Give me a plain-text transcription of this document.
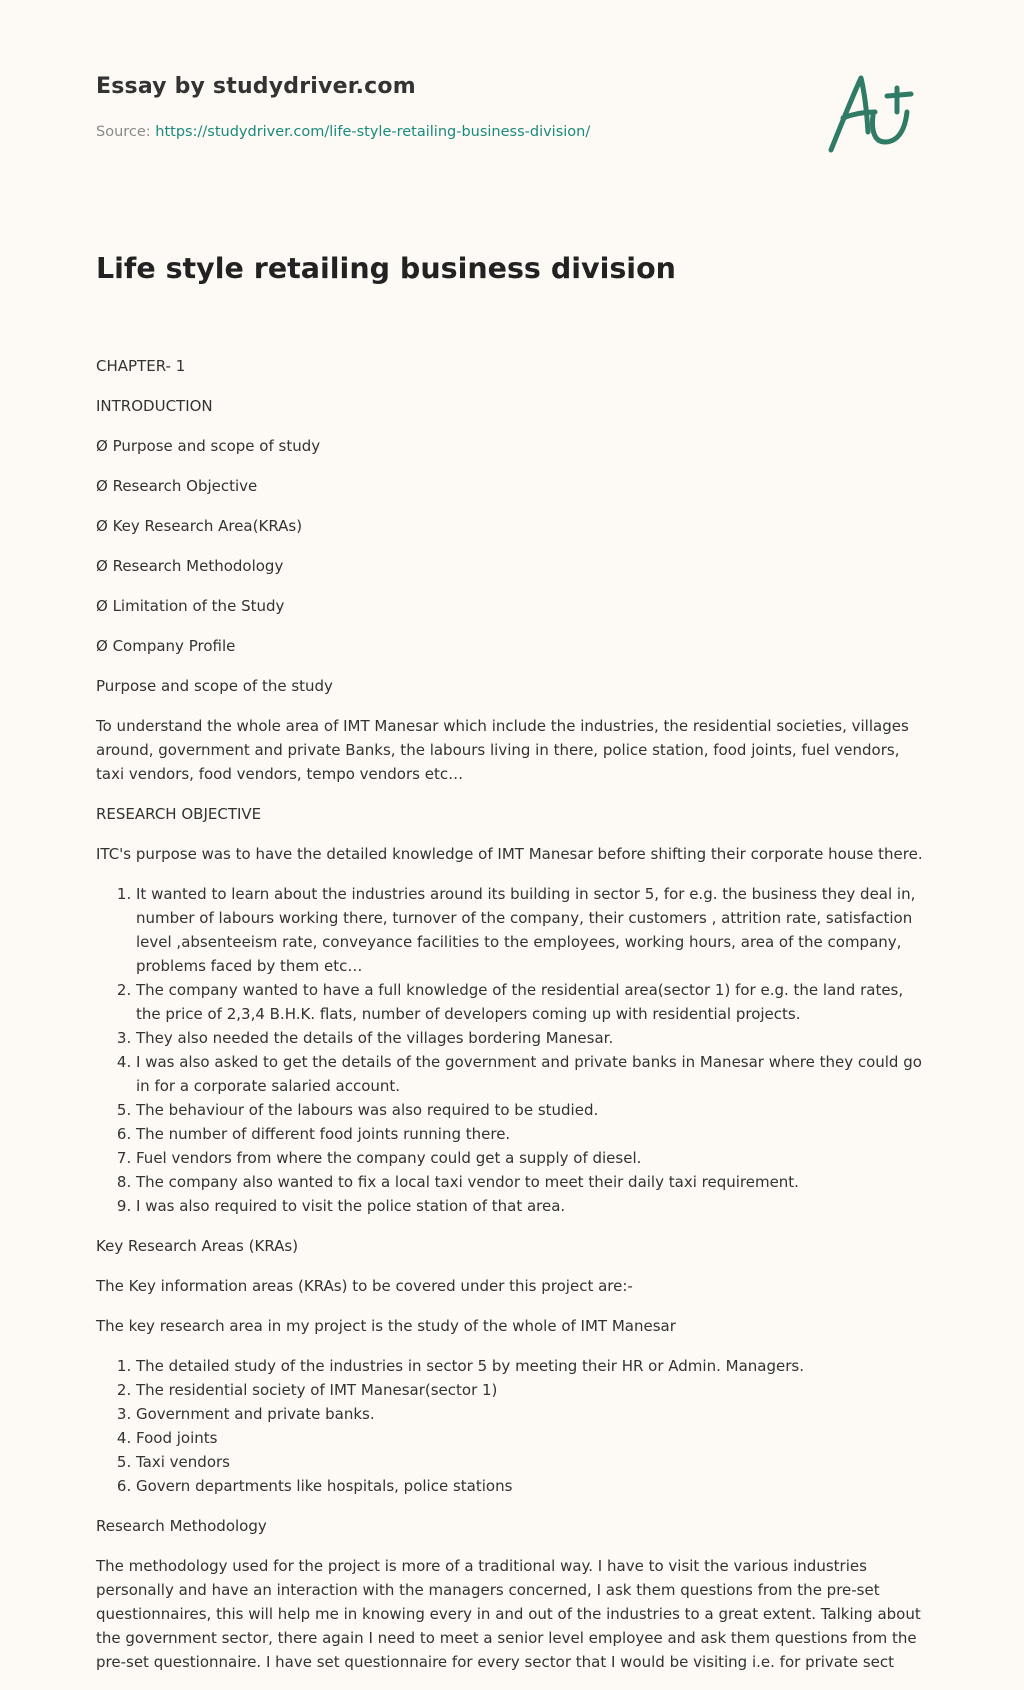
Essay by studydriver.com
Source: https://studydriver.com/life-style-retailing-business-division/
Life style retailing business division

CHAPTER- 1

INTRODUCTION

Ø Purpose and scope of study

Ø Research Objective

Ø Key Research Area(KRAs)

Ø Research Methodology

Ø Limitation of the Study

Ø Company Profile

Purpose and scope of the study

To understand the whole area of IMT Manesar which include the industries, the residential societies, villages around, government and private Banks, the labours living in there, police station, food joints, fuel vendors, taxi vendors, food vendors, tempo vendors etc…

RESEARCH OBJECTIVE

ITC's purpose was to have the detailed knowledge of IMT Manesar before shifting their corporate house there.

1. It wanted to learn about the industries around its building in sector 5, for e.g. the business they deal in, number of labours working there, turnover of the company, their customers , attrition rate, satisfaction level ,absenteeism rate, conveyance facilities to the employees, working hours, area of the company, problems faced by them etc…
2. The company wanted to have a full knowledge of the residential area(sector 1) for e.g. the land rates, the price of 2,3,4 B.H.K. flats, number of developers coming up with residential projects.
3. They also needed the details of the villages bordering Manesar.
4. I was also asked to get the details of the government and private banks in Manesar where they could go in for a corporate salaried account.
5. The behaviour of the labours was also required to be studied.
6. The number of different food joints running there.
7. Fuel vendors from where the company could get a supply of diesel.
8. The company also wanted to fix a local taxi vendor to meet their daily taxi requirement.
9. I was also required to visit the police station of that area.

Key Research Areas (KRAs)

The Key information areas (KRAs) to be covered under this project are:-

The key research area in my project is the study of the whole of IMT Manesar

1. The detailed study of the industries in sector 5 by meeting their HR or Admin. Managers.
2. The residential society of IMT Manesar(sector 1)
3. Government and private banks.
4. Food joints
5. Taxi vendors
6. Govern departments like hospitals, police stations

Research Methodology

The methodology used for the project is more of a traditional way. I have to visit the various industries personally and have an interaction with the managers concerned, I ask them questions from the pre-set questionnaires, this will help me in knowing every in and out of the industries to a great extent. Talking about the government sector, there again I need to meet a senior level employee and ask them questions from the pre-set questionnaire. I have set questionnaire for every sector that I would be visiting i.e. for private sect
